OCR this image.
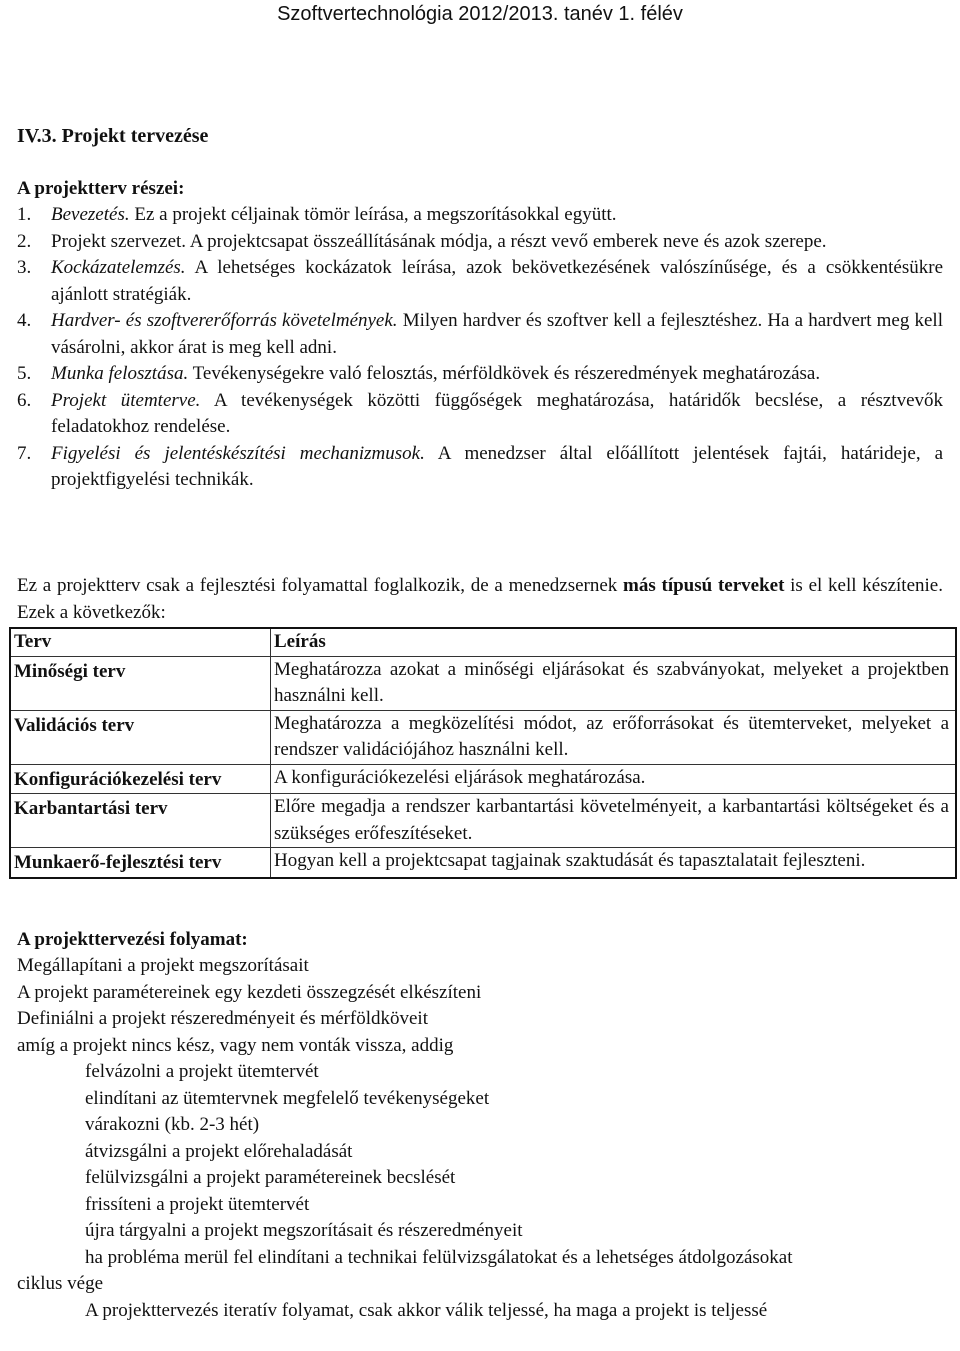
Szoftvertechnológia 2012/2013. tanév 1. félév
IV.3. Projekt tervezése
A projektterv részei:
1. Bevezetés. Ez a projekt céljainak tömör leírása, a megszorításokkal együtt.
2. Projekt szervezet. A projektcsapat összeállításának módja, a részt vevő emberek neve és azok szerepe.
3. Kockázatelemzés. A lehetséges kockázatok leírása, azok bekövetkezésének valószínűsége, és a csökkentésükre ajánlott stratégiák.
4. Hardver- és szoftvererőforrás követelmények. Milyen hardver és szoftver kell a fejlesztéshez. Ha a hardvert meg kell vásárolni, akkor árat is meg kell adni.
5. Munka felosztása. Tevékenységekre való felosztás, mérföldkövek és részeredmények meghatározása.
6. Projekt ütemterve. A tevékenységek közötti függőségek meghatározása, határidők becslése, a résztvevők feladatokhoz rendelése.
7. Figyelési és jelentéskészítési mechanizmusok. A menedzser által előállított jelentések fajtái, határideje, a projektfigyelési technikák.

Ez a projektterv csak a fejlesztési folyamattal foglalkozik, de a menedzsernek más típusú terveket is el kell készítenie. Ezek a következők:

Terv	Leírás
Minőségi terv	Meghatározza azokat a minőségi eljárásokat és szabványokat, melyeket a projektben használni kell.
Validációs terv	Meghatározza a megközelítési módot, az erőforrásokat és ütemterveket, melyeket a rendszer validációjához használni kell.
Konfigurációkezelési terv	A konfigurációkezelési eljárások meghatározása.
Karbantartási terv	Előre megadja a rendszer karbantartási követelményeit, a karbantartási költségeket és a szükséges erőfeszítéseket.
Munkaerő-fejlesztési terv	Hogyan kell a projektcsapat tagjainak szaktudását és tapasztalatait fejleszteni.
A projekttervezési folyamat:

Megállapítani a projekt megszorításait

A projekt paramétereinek egy kezdeti összegzését elkészíteni

Definiálni a projekt részeredményeit és mérföldköveit

amíg a projekt nincs kész, vagy nem vonták vissza, addig

felvázolni a projekt ütemtervét

elindítani az ütemtervnek megfelelő tevékenységeket

várakozni (kb. 2-3 hét)

átvizsgálni a projekt előrehaladását

felülvizsgálni a projekt paramétereinek becslését

frissíteni a projekt ütemtervét

újra tárgyalni a projekt megszorításait és részeredményeit

ha probléma merül fel elindítani a technikai felülvizsgálatokat és a lehetséges átdolgozásokat

ciklus vége

A projekttervezés iteratív folyamat, csak akkor válik teljessé, ha maga a projekt is teljessé
